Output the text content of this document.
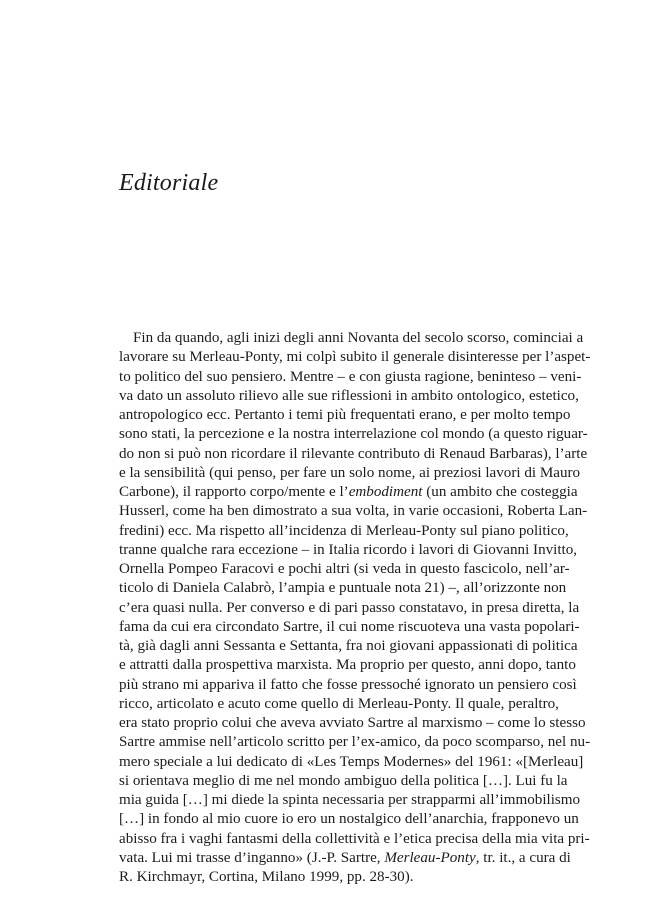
Editoriale
Fin da quando, agli inizi degli anni Novanta del secolo scorso, cominciai a
lavorare su Merleau-Ponty, mi colpì subito il generale disinteresse per l’aspet-
to politico del suo pensiero. Mentre – e con giusta ragione, beninteso – veni-
va dato un assoluto rilievo alle sue riflessioni in ambito ontologico, estetico,
antropologico ecc. Pertanto i temi più frequentati erano, e per molto tempo
sono stati, la percezione e la nostra interrelazione col mondo (a questo riguar-
do non si può non ricordare il rilevante contributo di Renaud Barbaras), l’arte
e la sensibilità (qui penso, per fare un solo nome, ai preziosi lavori di Mauro
Carbone), il rapporto corpo/mente e l’embodiment (un ambito che costeggia
Husserl, come ha ben dimostrato a sua volta, in varie occasioni, Roberta Lan-
fredini) ecc. Ma rispetto all’incidenza di Merleau-Ponty sul piano politico,
tranne qualche rara eccezione – in Italia ricordo i lavori di Giovanni Invitto,
Ornella Pompeo Faracovi e pochi altri (si veda in questo fascicolo, nell’ar-
ticolo di Daniela Calabrò, l’ampia e puntuale nota 21) –, all’orizzonte non
c’era quasi nulla. Per converso e di pari passo constatavo, in presa diretta, la
fama da cui era circondato Sartre, il cui nome riscuoteva una vasta popolari-
tà, già dagli anni Sessanta e Settanta, fra noi giovani appassionati di politica
e attratti dalla prospettiva marxista. Ma proprio per questo, anni dopo, tanto
più strano mi appariva il fatto che fosse pressoché ignorato un pensiero così
ricco, articolato e acuto come quello di Merleau-Ponty. Il quale, peraltro,
era stato proprio colui che aveva avviato Sartre al marxismo – come lo stesso
Sartre ammise nell’articolo scritto per l’ex-amico, da poco scomparso, nel nu-
mero speciale a lui dedicato di «Les Temps Modernes» del 1961: «[Merleau]
si orientava meglio di me nel mondo ambiguo della politica […]. Lui fu la
mia guida […] mi diede la spinta necessaria per strapparmi all’immobilismo
[…] in fondo al mio cuore io ero un nostalgico dell’anarchia, frapponevo un
abisso fra i vaghi fantasmi della collettività e l’etica precisa della mia vita pri-
vata. Lui mi trasse d’inganno» (J.-P. Sartre, Merleau-Ponty, tr. it., a cura di
R. Kirchmayr, Cortina, Milano 1999, pp. 28-30).
